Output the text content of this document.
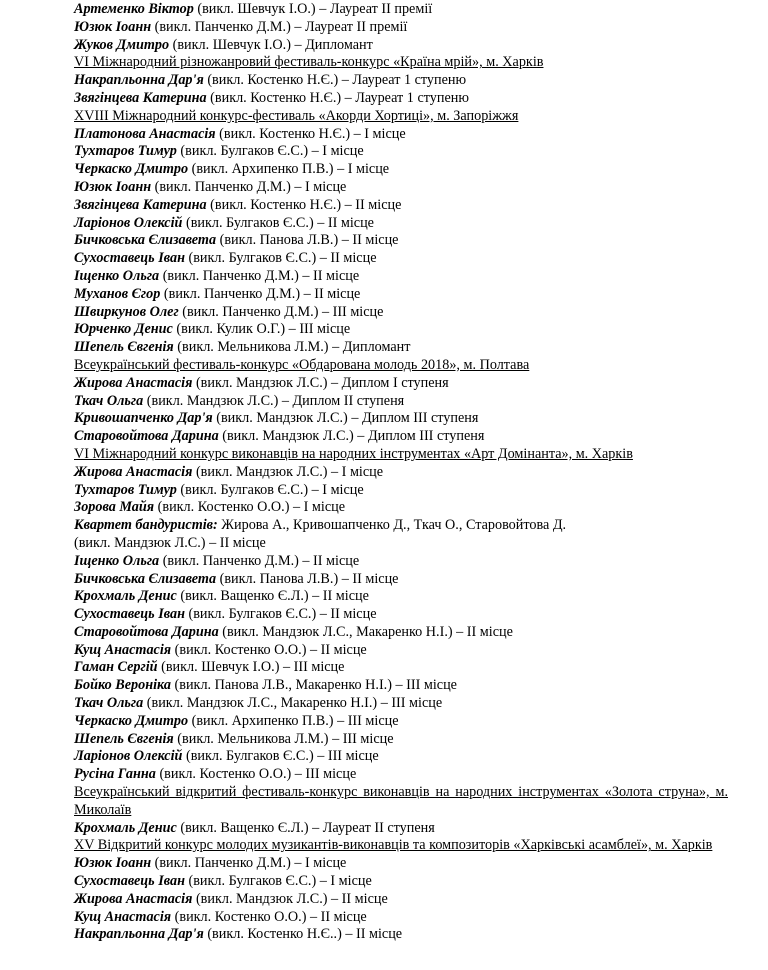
Артеменко Віктор (викл. Шевчук І.О.) – Лауреат ІІ премії
Юзюк Іоанн (викл. Панченко Д.М.) – Лауреат ІІ премії
Жуков Дмитро (викл. Шевчук І.О.) – Дипломант
VI Міжнародний різножанровий фестиваль-конкурс «Країна мрій», м. Харків
Накрапльонна Дар'я (викл. Костенко Н.Є.) – Лауреат 1 ступеню
Звягінцева Катерина (викл. Костенко Н.Є.) – Лауреат 1 ступеню
XVIII Міжнародний конкурс-фестиваль «Акорди Хортиці», м. Запоріжжя
Платонова Анастасія (викл. Костенко Н.Є.) – І місце
Тухтаров Тимур (викл. Булгаков Є.С.) – І місце
Черкаско Дмитро (викл. Архипенко П.В.) – І місце
Юзюк Іоанн (викл. Панченко Д.М.) – І місце
Звягінцева Катерина (викл. Костенко Н.Є.) – ІІ місце
Ларіонов Олексій (викл. Булгаков Є.С.) – ІІ місце
Бичковська Єлизавета (викл. Панова Л.В.) – ІІ місце
Сухоставець Іван (викл. Булгаков Є.С.) – ІІ місце
Іщенко Ольга (викл. Панченко Д.М.) – ІІ місце
Муханов Єгор (викл. Панченко Д.М.) – ІІ місце
Швиркунов Олег (викл. Панченко Д.М.) – ІІІ місце
Юрченко Денис (викл. Кулик О.Г.) – ІІІ місце
Шепель Євгенія (викл. Мельникова Л.М.) – Дипломант
Всеукраїнський фестиваль-конкурс «Обдарована молодь 2018», м. Полтава
Жирова Анастасія (викл. Мандзюк Л.С.) – Диплом І ступеня
Ткач Ольга (викл. Мандзюк Л.С.) – Диплом ІІ ступеня
Кривошапченко Дар'я (викл. Мандзюк Л.С.) – Диплом ІІІ ступеня
Старовойтова Дарина (викл. Мандзюк Л.С.) – Диплом ІІІ ступеня
VI Міжнародний конкурс виконавців на народних інструментах «Арт Домінанта», м. Харків
Жирова Анастасія (викл. Мандзюк Л.С.) – І місце
Тухтаров Тимур (викл. Булгаков Є.С.) – І місце
Зорова Майя (викл. Костенко О.О.) – І місце
Квартет бандуристів: Жирова А., Кривошапченко Д., Ткач О., Старовойтова Д.
(викл. Мандзюк Л.С.) – ІІ місце
Іщенко Ольга (викл. Панченко Д.М.) – ІІ місце
Бичковська Єлизавета (викл. Панова Л.В.) – ІІ місце
Крохмаль Денис (викл. Ващенко Є.Л.) – ІІ місце
Сухоставець Іван (викл. Булгаков Є.С.) – ІІ місце
Старовойтова Дарина (викл. Мандзюк Л.С., Макаренко Н.І.) – ІІ місце
Кущ Анастасія (викл. Костенко О.О.) – ІІ місце
Гаман Сергій (викл. Шевчук І.О.) – ІІІ місце
Бойко Вероніка (викл. Панова Л.В., Макаренко Н.І.) – ІІІ місце
Ткач Ольга (викл. Мандзюк Л.С., Макаренко Н.І.) – ІІІ місце
Черкаско Дмитро (викл. Архипенко П.В.) – ІІІ місце
Шепель Євгенія (викл. Мельникова Л.М.) – ІІІ місце
Ларіонов Олексій (викл. Булгаков Є.С.) – ІІІ місце
Русіна Ганна (викл. Костенко О.О.) – ІІІ місце
Всеукраїнський відкритий фестиваль-конкурс виконавців на народних інструментах «Золота струна», м. Миколаїв
Крохмаль Денис (викл. Ващенко Є.Л.) – Лауреат ІІ ступеня
XV Відкритий конкурс молодих музикантів-виконавців та композиторів «Харківські асамблеї», м. Харків
Юзюк Іоанн (викл. Панченко Д.М.) – І місце
Сухоставець Іван (викл. Булгаков Є.С.) – І місце
Жирова Анастасія (викл. Мандзюк Л.С.) – ІІ місце
Кущ Анастасія (викл. Костенко О.О.) – ІІ місце
Накрапльонна Дар'я (викл. Костенко Н.Є..) – ІІ місце
